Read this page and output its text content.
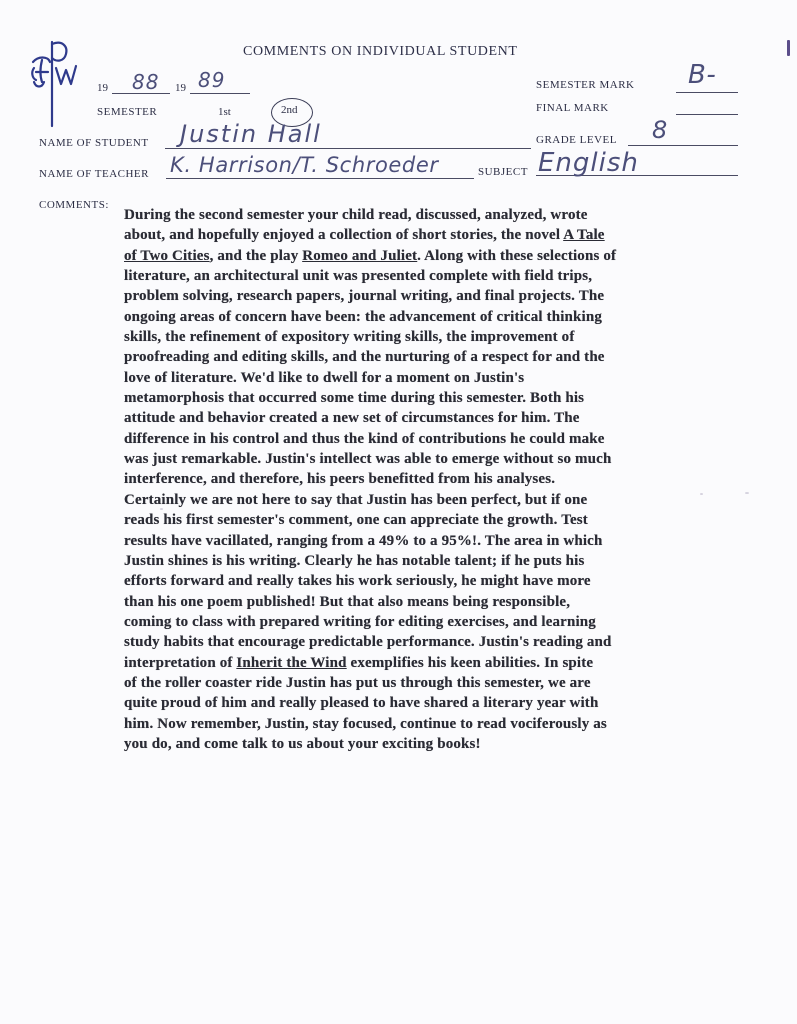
COMMENTS ON INDIVIDUAL STUDENT
19 88 19 89	SEMESTER MARK B-
SEMESTER	1st	2nd	FINAL MARK
NAME OF STUDENT Justin Hall	GRADE LEVEL 8
NAME OF TEACHER K. Harrison/T. Schroeder	SUBJECT English
COMMENTS:

During the second semester your child read, discussed, analyzed, wrote

about, and hopefully enjoyed a collection of short stories, the novel A Tale

of Two Cities, and the play Romeo and Juliet. Along with these selections of

literature, an architectural unit was presented complete with field trips,

problem solving, research papers, journal writing, and final projects. The

ongoing areas of concern have been: the advancement of critical thinking

skills, the refinement of expository writing skills, the improvement of

proofreading and editing skills, and the nurturing of a respect for and the

love of literature. We'd like to dwell for a moment on Justin's

metamorphosis that occurred some time during this semester. Both his

attitude and behavior created a new set of circumstances for him. The

difference in his control and thus the kind of contributions he could make

was just remarkable. Justin's intellect was able to emerge without so much

interference, and therefore, his peers benefitted from his analyses.

Certainly we are not here to say that Justin has been perfect, but if one

reads his first semester's comment, one can appreciate the growth. Test

results have vacillated, ranging from a 49% to a 95%!. The area in which

Justin shines is his writing. Clearly he has notable talent; if he puts his

efforts forward and really takes his work seriously, he might have more

than his one poem published! But that also means being responsible,

coming to class with prepared writing for editing exercises, and learning

study habits that encourage predictable performance. Justin's reading and

interpretation of Inherit the Wind exemplifies his keen abilities. In spite

of the roller coaster ride Justin has put us through this semester, we are

quite proud of him and really pleased to have shared a literary year with

him. Now remember, Justin, stay focused, continue to read vociferously as

you do, and come talk to us about your exciting books!
